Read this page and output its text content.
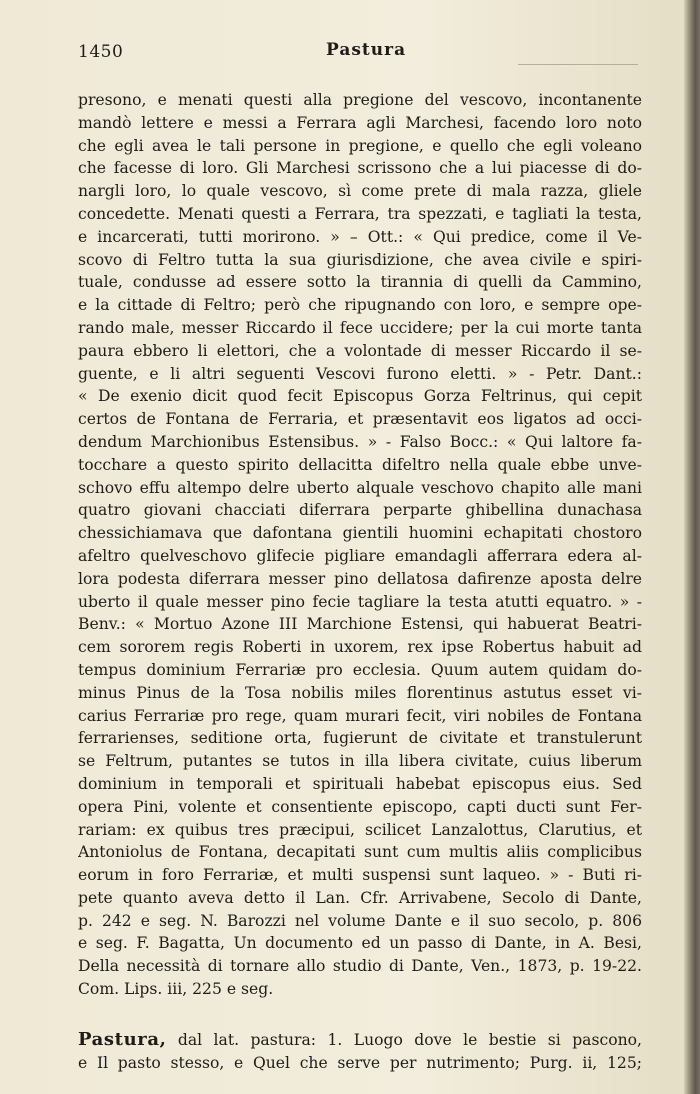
1450	Pastura
presono, e menati questi alla pregione del vescovo, incontanente
mandò lettere e messi a Ferrara agli Marchesi, facendo loro noto
che egli avea le tali persone in pregione, e quello che egli voleano
che facesse di loro. Gli Marchesi scrissono che a lui piacesse di do-
nargli loro, lo quale vescovo, sì come prete di mala razza, gliele
concedette. Menati questi a Ferrara, tra spezzati, e tagliati la testa,
e incarcerati, tutti morirono. » – Ott.: « Qui predice, come il Ve-
scovo di Feltro tutta la sua giurisdizione, che avea civile e spiri-
tuale, condusse ad essere sotto la tirannia di quelli da Cammino,
e la cittade di Feltro; però che ripugnando con loro, e sempre ope-
rando male, messer Riccardo il fece uccidere; per la cui morte tanta
paura ebbero li elettori, che a volontade di messer Riccardo il se-
guente, e li altri seguenti Vescovi furono eletti. » - Petr. Dant.:
« De exenio dicit quod fecit Episcopus Gorza Feltrinus, qui cepit
certos de Fontana de Ferraria, et præsentavit eos ligatos ad occi-
dendum Marchionibus Estensibus. » - Falso Bocc.: « Qui laltore fa-
tocchare a questo spirito dellacitta difeltro nella quale ebbe unve-
schovo effu altempo delre uberto alquale veschovo chapito alle mani
quatro giovani chacciati diferrara perparte ghibellina dunachasa
chessichiamava que dafontana gientili huomini echapitati chostoro
afeltro quelveschovo glifecie pigliare emandagli afferrara edera al-
lora podesta diferrara messer pino dellatosa dafirenze aposta delre
uberto il quale messer pino fecie tagliare la testa atutti equatro. » -
Benv.: « Mortuo Azone III Marchione Estensi, qui habuerat Beatri-
cem sororem regis Roberti in uxorem, rex ipse Robertus habuit ad
tempus dominium Ferrariæ pro ecclesia. Quum autem quidam do-
minus Pinus de la Tosa nobilis miles florentinus astutus esset vi-
carius Ferrariæ pro rege, quam murari fecit, viri nobiles de Fontana
ferrarienses, seditione orta, fugierunt de civitate et transtulerunt
se Feltrum, putantes se tutos in illa libera civitate, cuius liberum
dominium in temporali et spirituali habebat episcopus eius. Sed
opera Pini, volente et consentiente episcopo, capti ducti sunt Fer-
rariam: ex quibus tres præcipui, scilicet Lanzalottus, Clarutius, et
Antoniolus de Fontana, decapitati sunt cum multis aliis complicibus
eorum in foro Ferrariæ, et multi suspensi sunt laqueo. » - Buti ri-
pete quanto aveva detto il Lan. Cfr. Arrivabene, Secolo di Dante,
p. 242 e seg. N. Barozzi nel volume Dante e il suo secolo, p. 806
e seg. F. Bagatta, Un documento ed un passo di Dante, in A. Besi,
Della necessità di tornare allo studio di Dante, Ven., 1873, p. 19-22.
Com. Lips. iii, 225 e seg.
Pastura, dal lat. pastura: 1. Luogo dove le bestie si pascono,
e Il pasto stesso, e Quel che serve per nutrimento; Purg. ii, 125;
